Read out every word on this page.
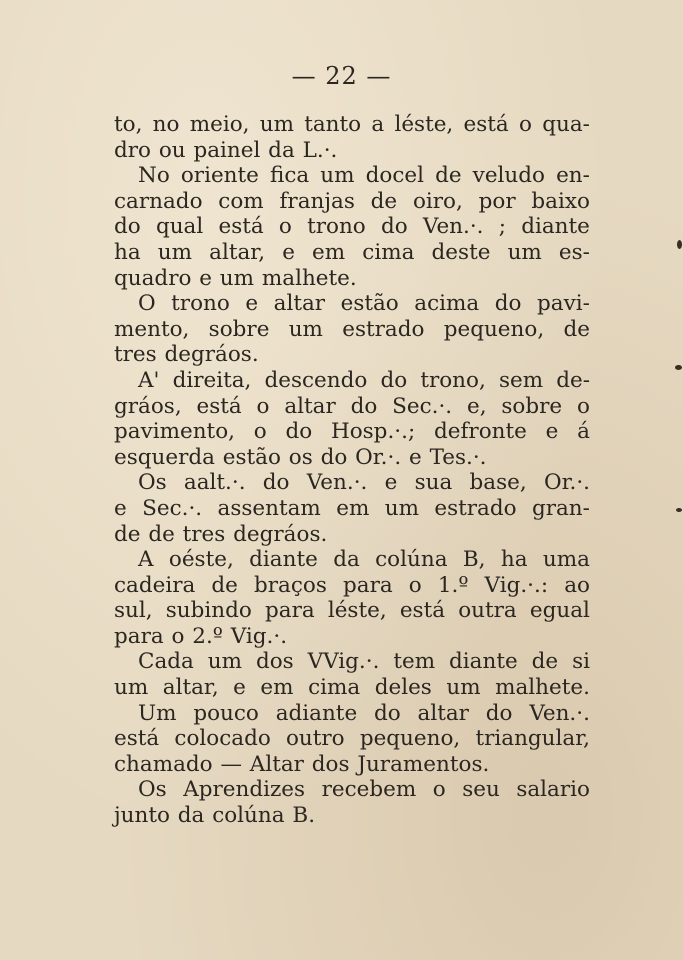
— 22 —
to, no meio, um tanto a léste, está o qua-
dro ou painel da L.·.
No oriente fica um docel de veludo en-
carnado com franjas de oiro, por baixo
do qual está o trono do Ven.·. ; diante
ha um altar, e em cima deste um es-
quadro e um malhete.
O trono e altar estão acima do pavi-
mento, sobre um estrado pequeno, de
tres degráos.
A' direita, descendo do trono, sem de-
gráos, está o altar do Sec.·. e, sobre o
pavimento, o do Hosp.·.; defronte e á
esquerda estão os do Or.·. e Tes.·.
Os aalt.·. do Ven.·. e sua base, Or.·.
e Sec.·. assentam em um estrado gran-
de de tres degráos.
A oéste, diante da colúna B, ha uma
cadeira de braços para o 1.º Vig.·.: ao
sul, subindo para léste, está outra egual
para o 2.º Vig.·.
Cada um dos VVig.·. tem diante de si
um altar, e em cima deles um malhete.
Um pouco adiante do altar do Ven.·.
está colocado outro pequeno, triangular,
chamado — Altar dos Juramentos.
Os Aprendizes recebem o seu salario
junto da colúna B.
